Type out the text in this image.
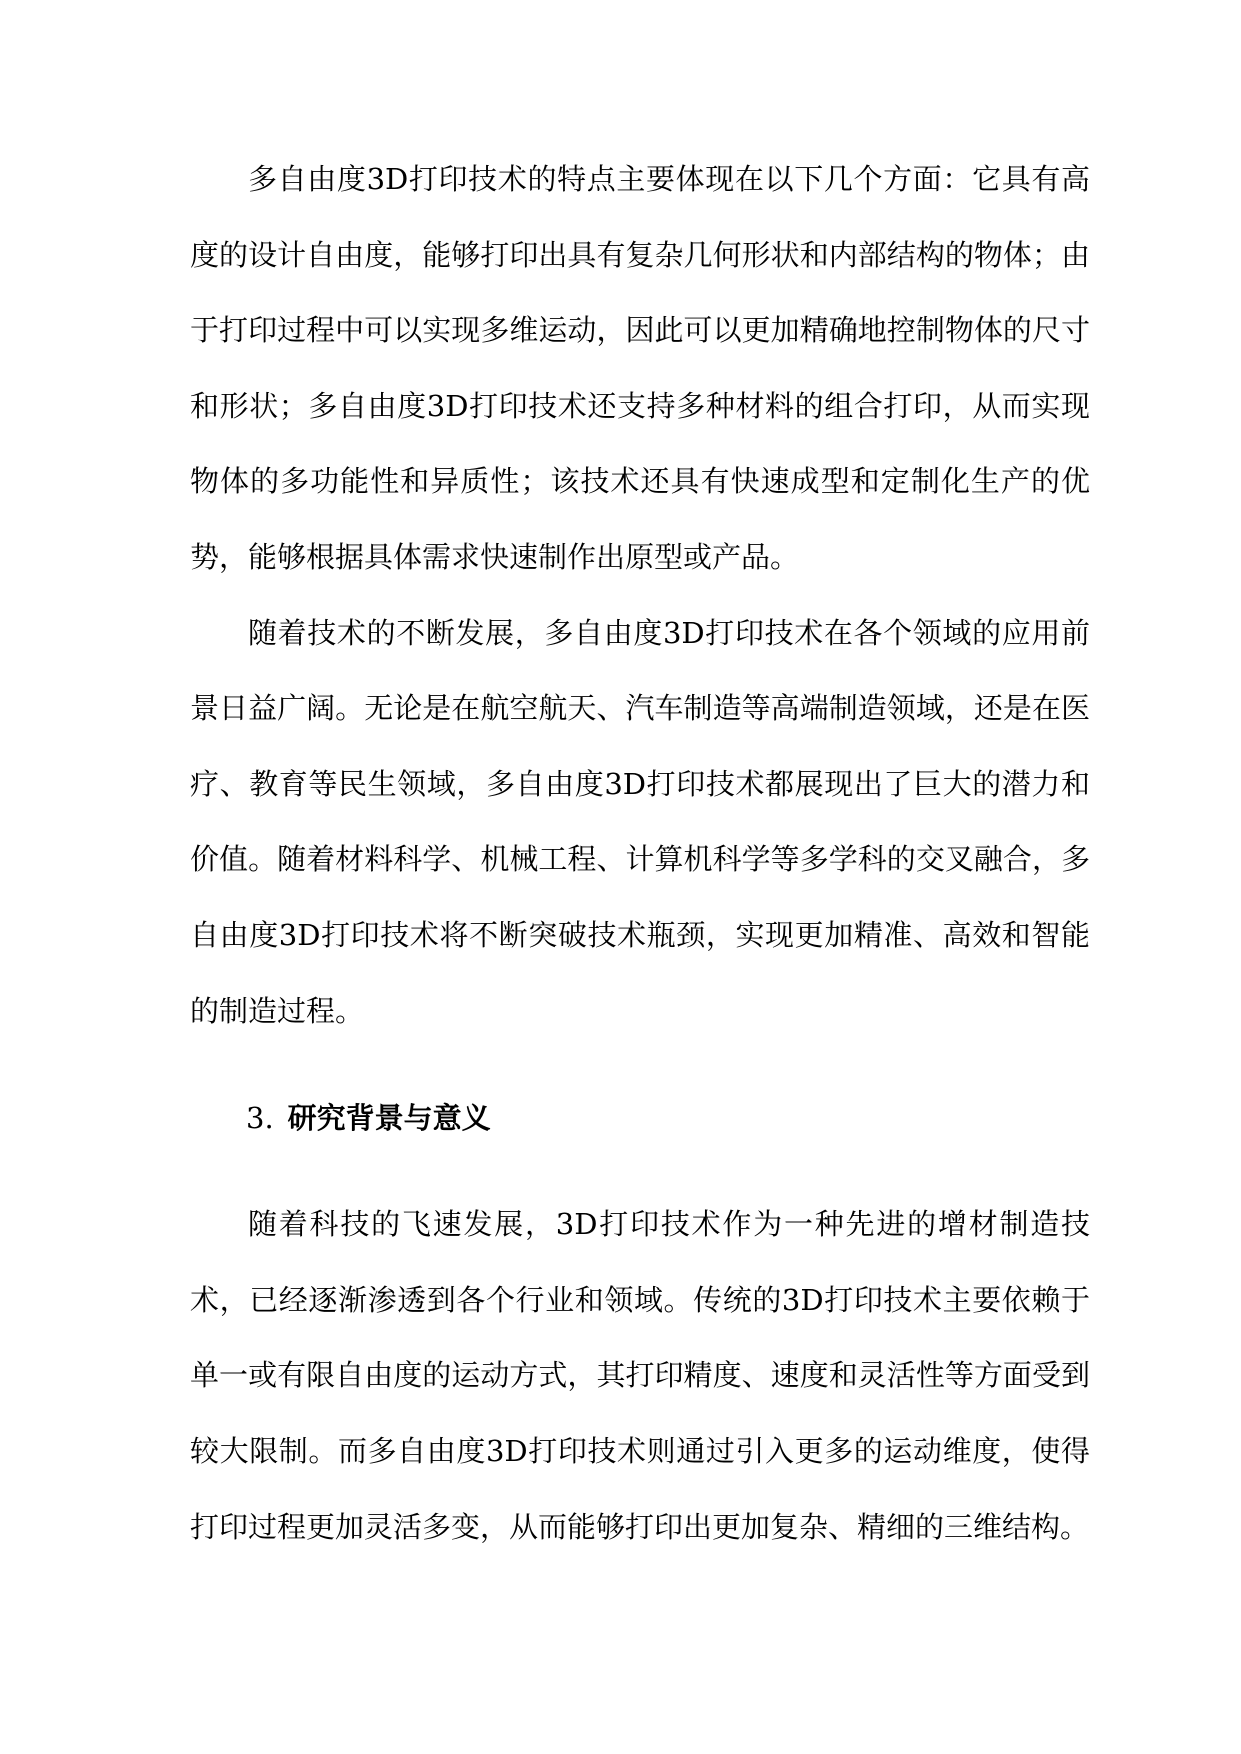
多自由度3D打印技术的特点主要体现在以下几个方面：它具有高度的设计自由度，能够打印出具有复杂几何形状和内部结构的物体；由于打印过程中可以实现多维运动，因此可以更加精确地控制物体的尺寸和形状；多自由度3D打印技术还支持多种材料的组合打印，从而实现物体的多功能性和异质性；该技术还具有快速成型和定制化生产的优势，能够根据具体需求快速制作出原型或产品。

随着技术的不断发展，多自由度3D打印技术在各个领域的应用前景日益广阔。无论是在航空航天、汽车制造等高端制造领域，还是在医疗、教育等民生领域，多自由度3D打印技术都展现出了巨大的潜力和价值。随着材料科学、机械工程、计算机科学等多学科的交叉融合，多自由度3D打印技术将不断突破技术瓶颈，实现更加精准、高效和智能的制造过程。

3. 研究背景与意义

随着科技的飞速发展，3D打印技术作为一种先进的增材制造技术，已经逐渐渗透到各个行业和领域。传统的3D打印技术主要依赖于单一或有限自由度的运动方式，其打印精度、速度和灵活性等方面受到较大限制。而多自由度3D打印技术则通过引入更多的运动维度，使得打印过程更加灵活多变，从而能够打印出更加复杂、精细的三维结构。
